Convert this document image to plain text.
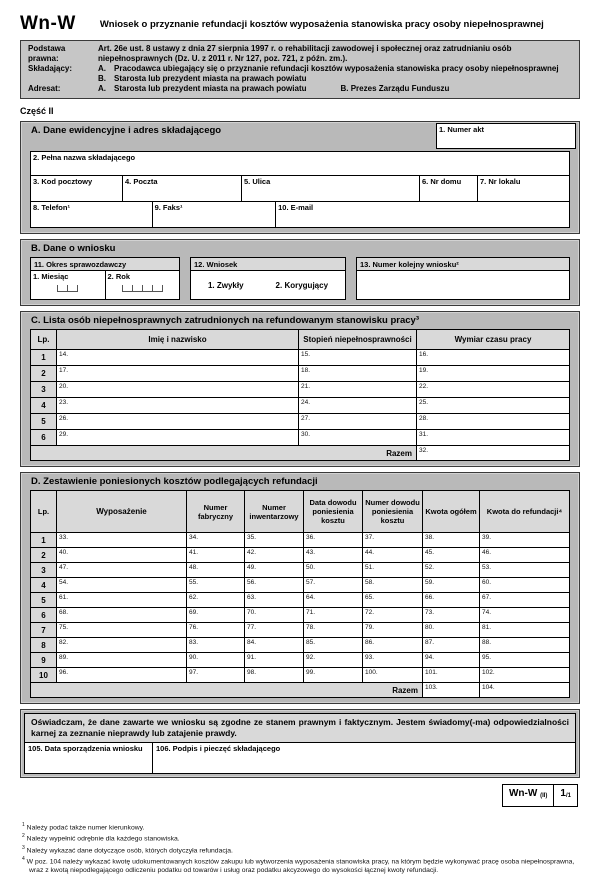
Wn-W	Wniosek o przyznanie refundacji kosztów wyposażenia stanowiska pracy osoby niepełnosprawnej
Podstawa prawna:
Art. 26e ust. 8 ustawy z dnia 27 sierpnia 1997 r. o rehabilitacji zawodowej i społecznej oraz zatrudnianiu osób niepełnosprawnych (Dz. U. z 2011 r. Nr 127, poz. 721, z późn. zm.).
Składający:	A.	Pracodawca ubiegający się o przyznanie refundacji kosztów wyposażenia stanowiska pracy osoby niepełnosprawnej
B.	Starosta lub prezydent miasta na prawach powiatu
Adresat:	A.	Starosta lub prezydent miasta na prawach powiatu	B. Prezes Zarządu Funduszu
Część II
A. Dane ewidencyjne i adres składającego	1. Numer akt
2. Pełna nazwa składającego
3. Kod pocztowy	4. Poczta	5. Ulica	6. Nr domu	7. Nr lokalu
8. Telefon¹	9. Faks¹	10. E-mail
B. Dane o wniosku
11. Okres sprawozdawczy
1. Miesiąc	2. Rok
12. Wniosek
1. Zwykły	2. Korygujący
13. Numer kolejny wniosku²
C. Lista osób niepełnosprawnych zatrudnionych na refundowanym stanowisku pracy³
Lp.	Imię i nazwisko	Stopień niepełnosprawności	Wymiar czasu pracy
1	14.	15.	16.
2	17.	18.	19.
3	20.	21.	22.
4	23.	24.	25.
5	26.	27.	28.
6	29.	30.	31.
Razem			32.
D. Zestawienie poniesionych kosztów podlegających refundacji
Lp.	Wyposażenie	Numer fabryczny	Numer inwentarzowy	Data dowodu poniesienia kosztu	Numer dowodu poniesienia kosztu	Kwota ogółem	Kwota do refundacji⁴
1	33.	34.	35.	36.	37.	38.	39.
2	40.	41.	42.	43.	44.	45.	46.
3	47.	48.	49.	50.	51.	52.	53.
4	54.	55.	56.	57.	58.	59.	60.
5	61.	62.	63.	64.	65.	66.	67.
6	68.	69.	70.	71.	72.	73.	74.
7	75.	76.	77.	78.	79.	80.	81.
8	82.	83.	84.	85.	86.	87.	88.
9	89.	90.	91.	92.	93.	94.	95.
10	96.	97.	98.	99.	100.	101.	102.
Razem						103.	104.
Oświadczam, że dane zawarte we wniosku są zgodne ze stanem prawnym i faktycznym. Jestem świadomy(-ma) odpowiedzialności karnej za zeznanie nieprawdy lub zatajenie prawdy.
105. Data sporządzenia wniosku	106. Podpis i pieczęć składającego
Wn-W (II)	1/1
$^1$ Należy podać także numer kierunkowy.
$^2$ Należy wypełnić odrębnie dla każdego stanowiska.
$^3$ Należy wykazać dane dotyczące osób, których dotyczyła refundacja.
$^4$ W poz. 104 należy wykazać kwotę udokumentowanych kosztów zakupu lub wytworzenia wyposażenia stanowiska pracy, na którym będzie wykonywać pracę osoba niepełnosprawna, wraz z kwotą niepodlegającego odliczeniu podatku od towarów i usług oraz podatku akcyzowego do wysokości łącznej kwoty refundacji.
